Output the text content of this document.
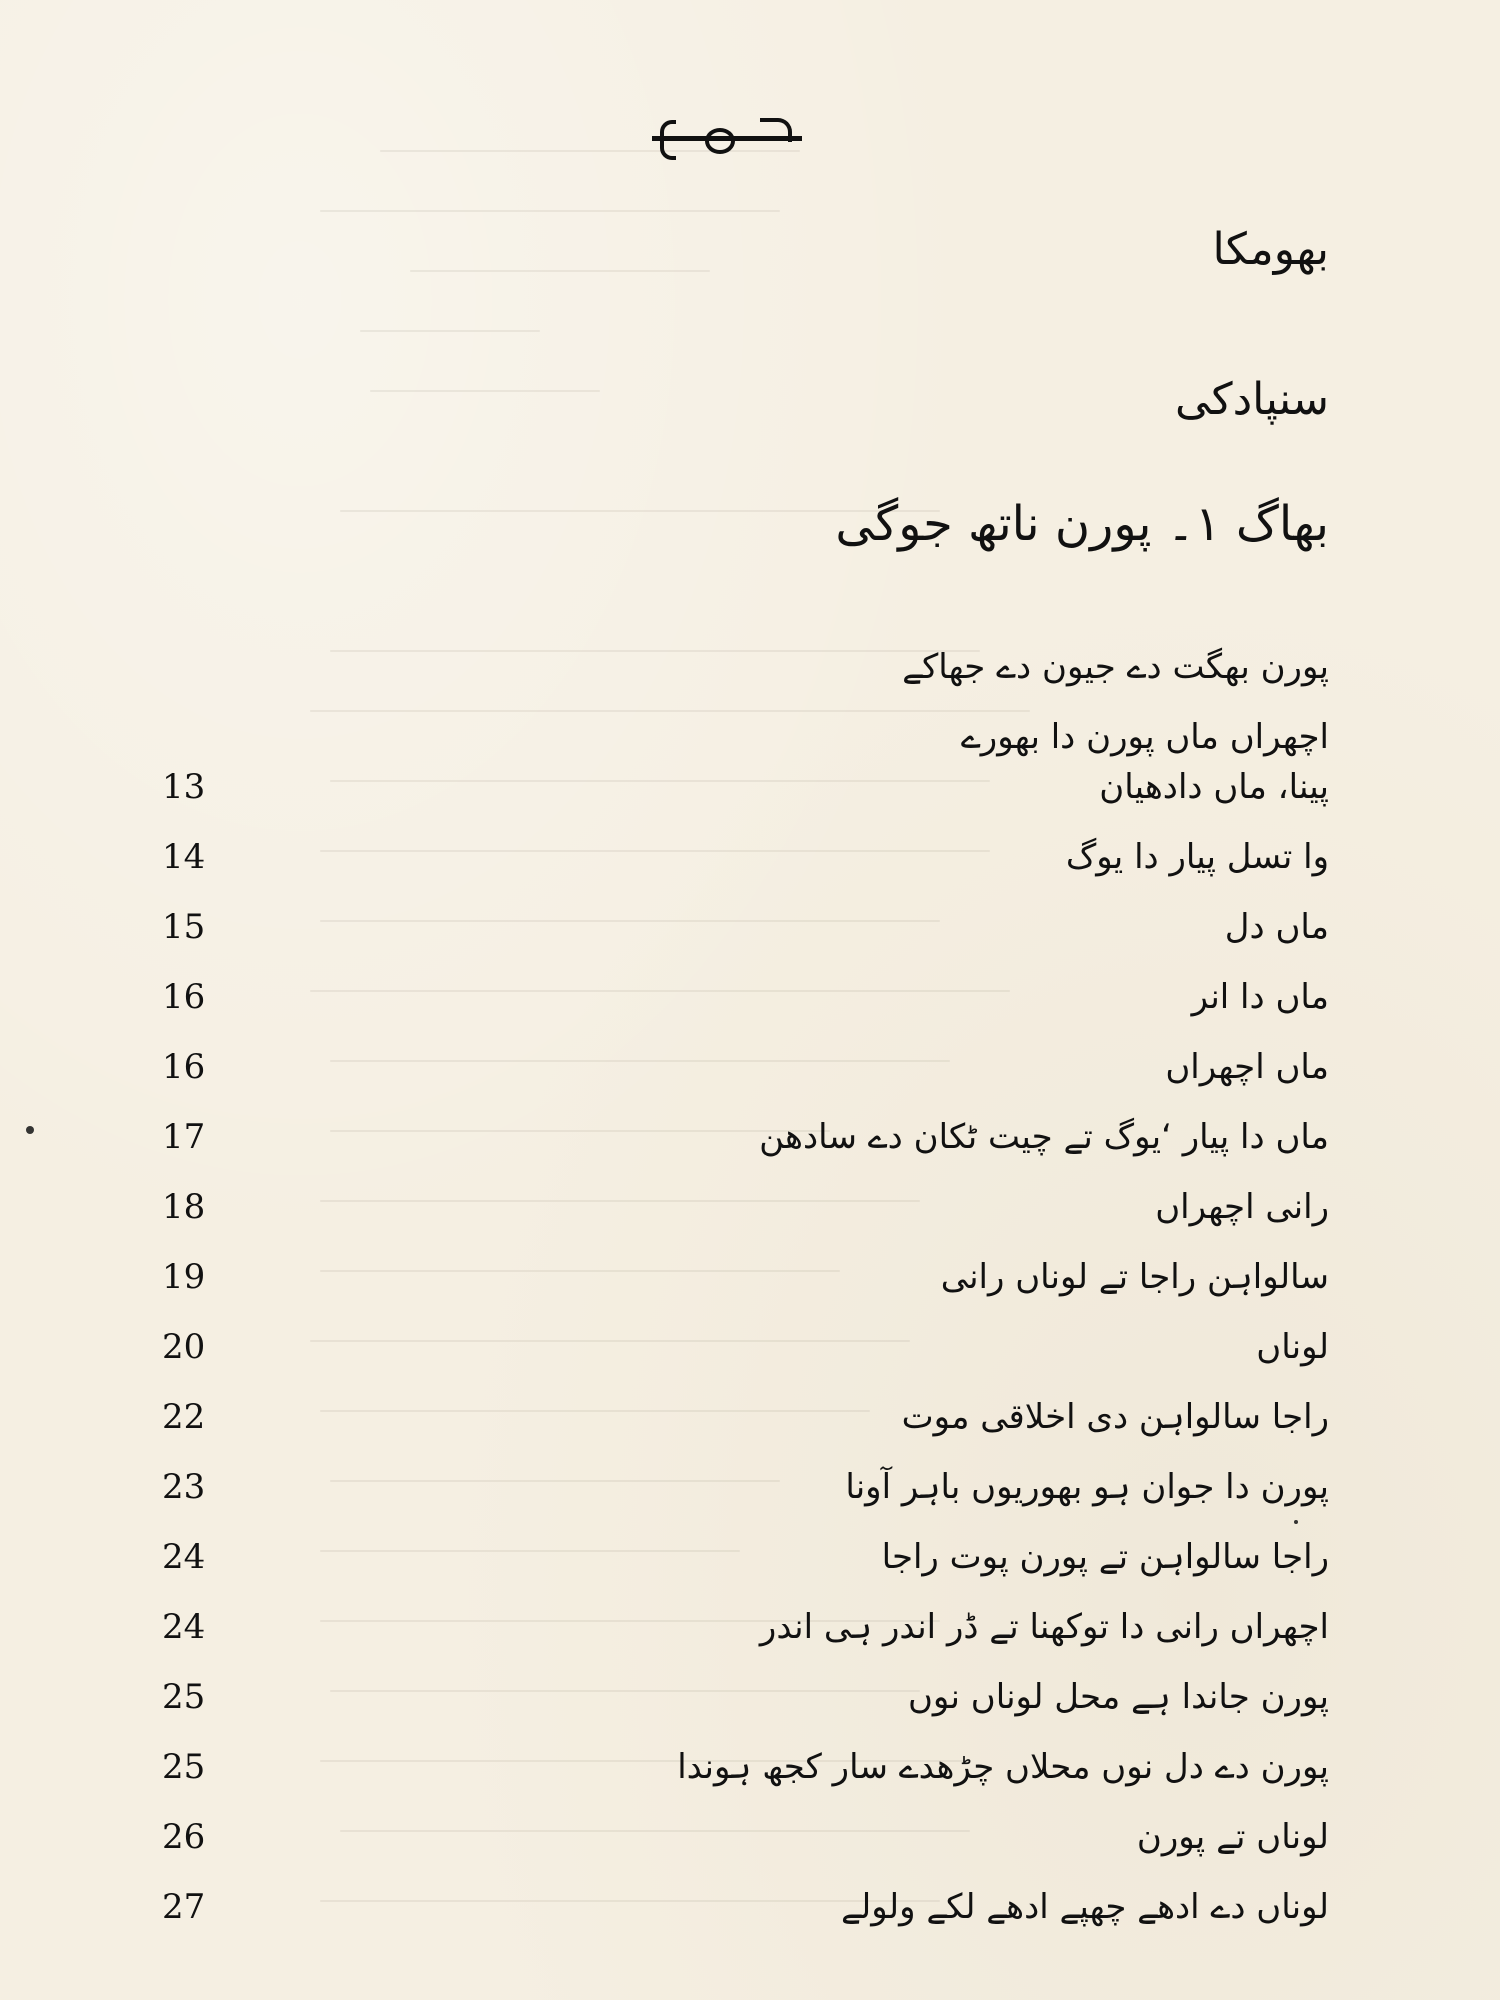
بھومکا
سنپادکی
بھاگ ۱۔ پورن ناتھ جوگی
پورن بھگت دے جیون دے جھاکے
اچھراں ماں پورن دا بھورے
13	پینا، ماں دادھیان
14	وا تسل پیار دا یوگ
15	ماں دل
16	ماں دا انر
16	ماں اچھراں
17	ماں دا پیار ‘یوگ تے چیت ٹکان دے سادھن
18	رانی اچھراں
19	سالواہن راجا تے لوناں رانی
20	لوناں
22	راجا سالواہن دی اخلاقی موت
23	پورن دا جوان ہو بھوریوں باہر آونا
24	راجا سالواہن تے پورن پوت راجا
24	اچھراں رانی دا توکھنا تے ڈر اندر ہی اندر
25	پورن جاندا ہے محل لوناں نوں
25	پورن دے دل نوں محلاں چڑھدے سار کجھ ہوندا
26	لوناں تے پورن
27	لوناں دے ادھے چھپے ادھے لکے ولولے
